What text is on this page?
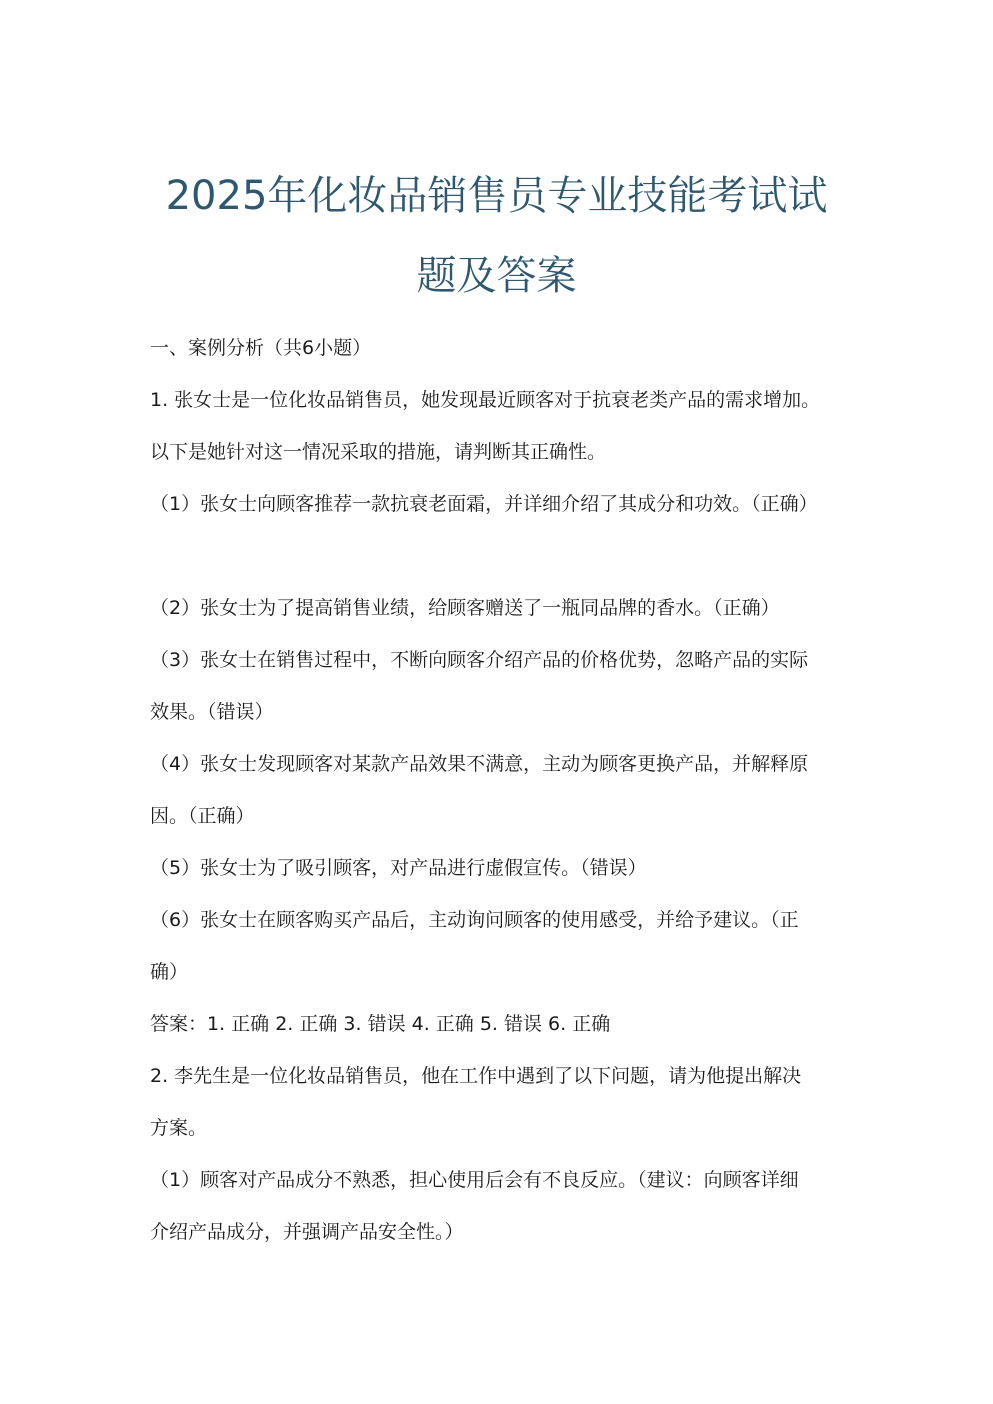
2025年化妆品销售员专业技能考试试
题及答案

一、案例分析（共6小题）

1. 张女士是一位化妆品销售员，她发现最近顾客对于抗衰老类产品的需求增加。

以下是她针对这一情况采取的措施，请判断其正确性。

（1）张女士向顾客推荐一款抗衰老面霜，并详细介绍了其成分和功效。（正确）

（2）张女士为了提高销售业绩，给顾客赠送了一瓶同品牌的香水。（正确）

（3）张女士在销售过程中，不断向顾客介绍产品的价格优势，忽略产品的实际

效果。（错误）

（4）张女士发现顾客对某款产品效果不满意，主动为顾客更换产品，并解释原

因。（正确）

（5）张女士为了吸引顾客，对产品进行虚假宣传。（错误）

（6）张女士在顾客购买产品后，主动询问顾客的使用感受，并给予建议。（正

确）

答案：1. 正确 2. 正确 3. 错误 4. 正确 5. 错误 6. 正确

2. 李先生是一位化妆品销售员，他在工作中遇到了以下问题，请为他提出解决

方案。

（1）顾客对产品成分不熟悉，担心使用后会有不良反应。（建议：向顾客详细

介绍产品成分，并强调产品安全性。）
